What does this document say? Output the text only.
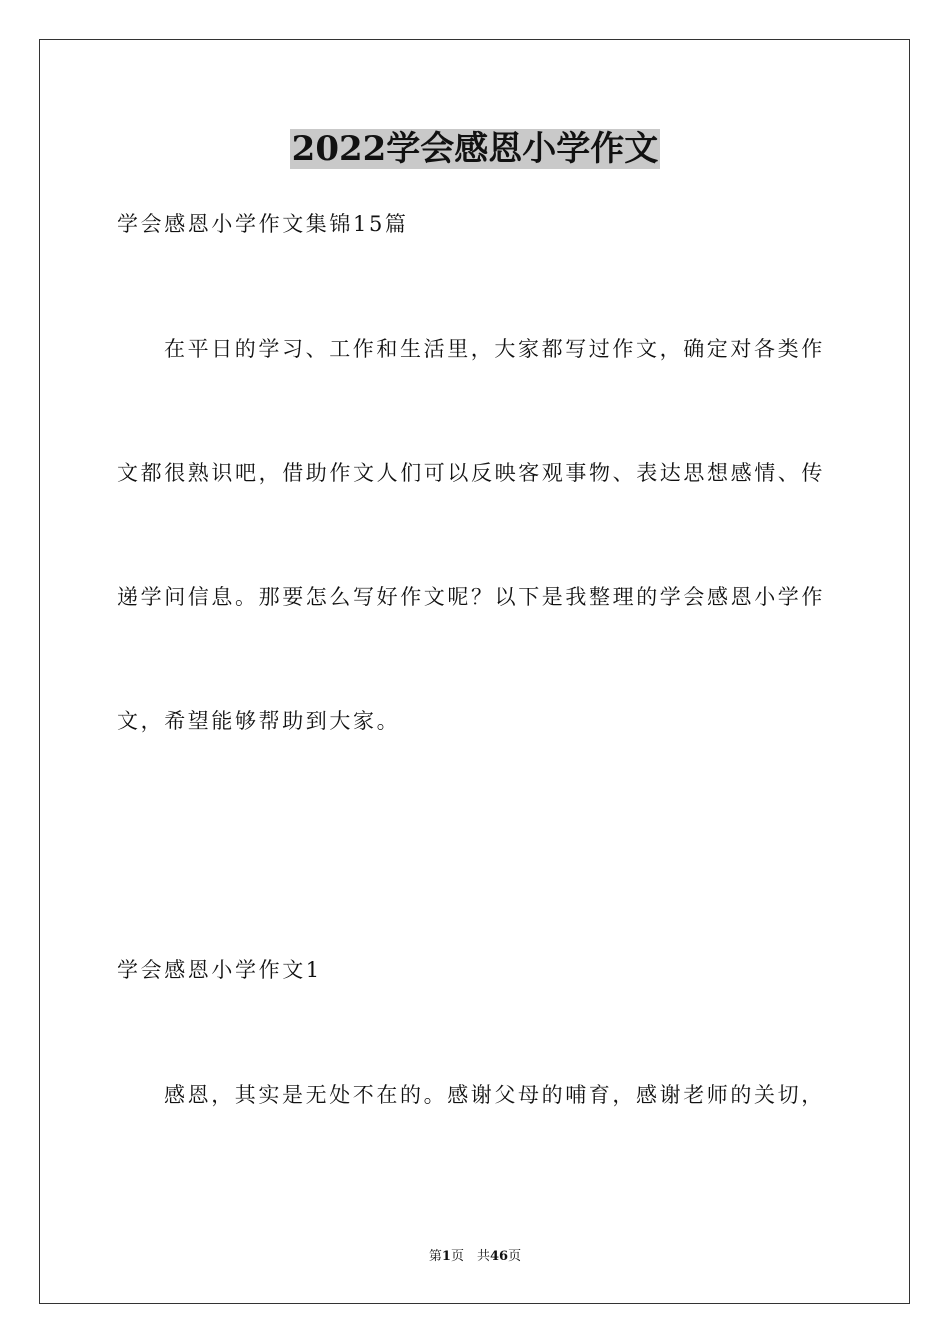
2022学会感恩小学作文

学会感恩小学作文集锦15篇

在平日的学习、工作和生活里，大家都写过作文，确定对各类作

文都很熟识吧，借助作文人们可以反映客观事物、表达思想感情、传

递学问信息。那要怎么写好作文呢？以下是我整理的学会感恩小学作

文，希望能够帮助到大家。

学会感恩小学作文1

感恩，其实是无处不在的。感谢父母的哺育，感谢老师的关切，

第1页　共46页
